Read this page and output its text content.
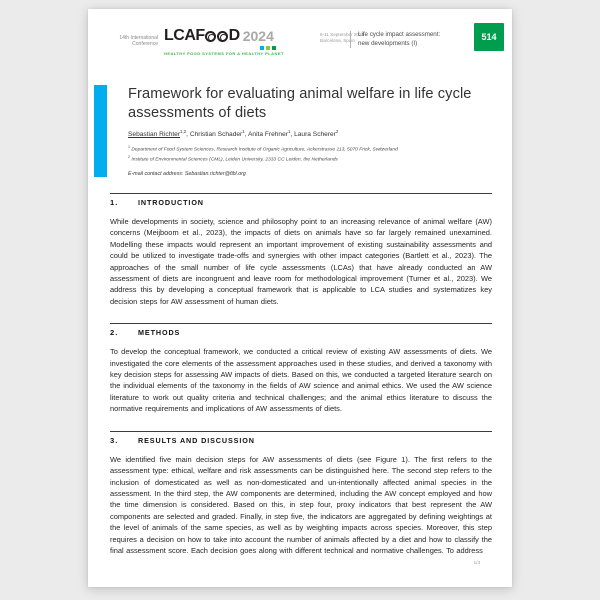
14th International
Conference LCAF D 2024
HEALTHY FOOD SYSTEMS FOR A HEALTHY PLANET
8-11 September 2024
Barcelona, Spain
Life cycle impact assessment:
new developments (I)
514
Framework for evaluating animal welfare in life cycle assessments of diets
Sebastian Richter$^{1,2}$, Christian Schader$^1$, Anita Frehner$^1$, Laura Scherer$^2$
$^1$ Department of Food System Sciences, Research Institute of Organic Agriculture, Ackerstrasse 113, 5070 Frick, Switzerland
$^2$ Institute of Environmental Sciences (CML), Leiden University, 2333 CC Leiden, the Netherlands
E-mail contact address: Sebastian.richter@fibl.org
1.	INTRODUCTION

While developments in society, science and philosophy point to an increasing relevance of animal welfare (AW) concerns (Meijboom et al., 2023), the impacts of diets on animals have so far largely remained unexamined. Modelling these impacts would represent an important improvement of existing sustainability assessments and could be utilized to investigate trade-offs and synergies with other impact categories (Bartlett et al., 2023). The approaches of the small number of life cycle assessments (LCAs) that have already conducted an AW assessment of diets are incongruent and leave room for methodological improvement (Turner et al., 2023). We address this by developing a conceptual framework that is applicable to LCA studies and systematizes key decision steps for AW assessment of human diets.

2.	METHODS

To develop the conceptual framework, we conducted a critical review of existing AW assessments of diets. We investigated the core elements of the assessment approaches used in these studies, and derived a taxonomy with key decision steps for assessing AW impacts of diets. Based on this, we conducted a targeted literature search on the individual elements of the taxonomy in the fields of AW science and animal ethics. We used the AW science literature to work out quality criteria and technical challenges; and the animal ethics literature to discuss the normative requirements and implications of AW assessments of diets.

3.	RESULTS AND DISCUSSION

We identified five main decision steps for AW assessments of diets (see Figure 1). The first refers to the assessment type: ethical, welfare and risk assessments can be distinguished here. The second step refers to the inclusion of domesticated as well as non-domesticated and un-intentionally affected animal species in the assessment. In the third step, the AW components are determined, including the AW concept employed and how the time dimension is considered. Based on this, in step four, proxy indicators that best represent the AW components are selected and graded. Finally, in step five, the indicators are aggregated by defining weightings at the level of animals of the same species, as well as by weighting impacts across species. Moreover, this step requires a decision on how to take into account the number of animals affected by a diet and how to classify the final assessment score. Each decision goes along with different technical and normative challenges. To address

1/3
